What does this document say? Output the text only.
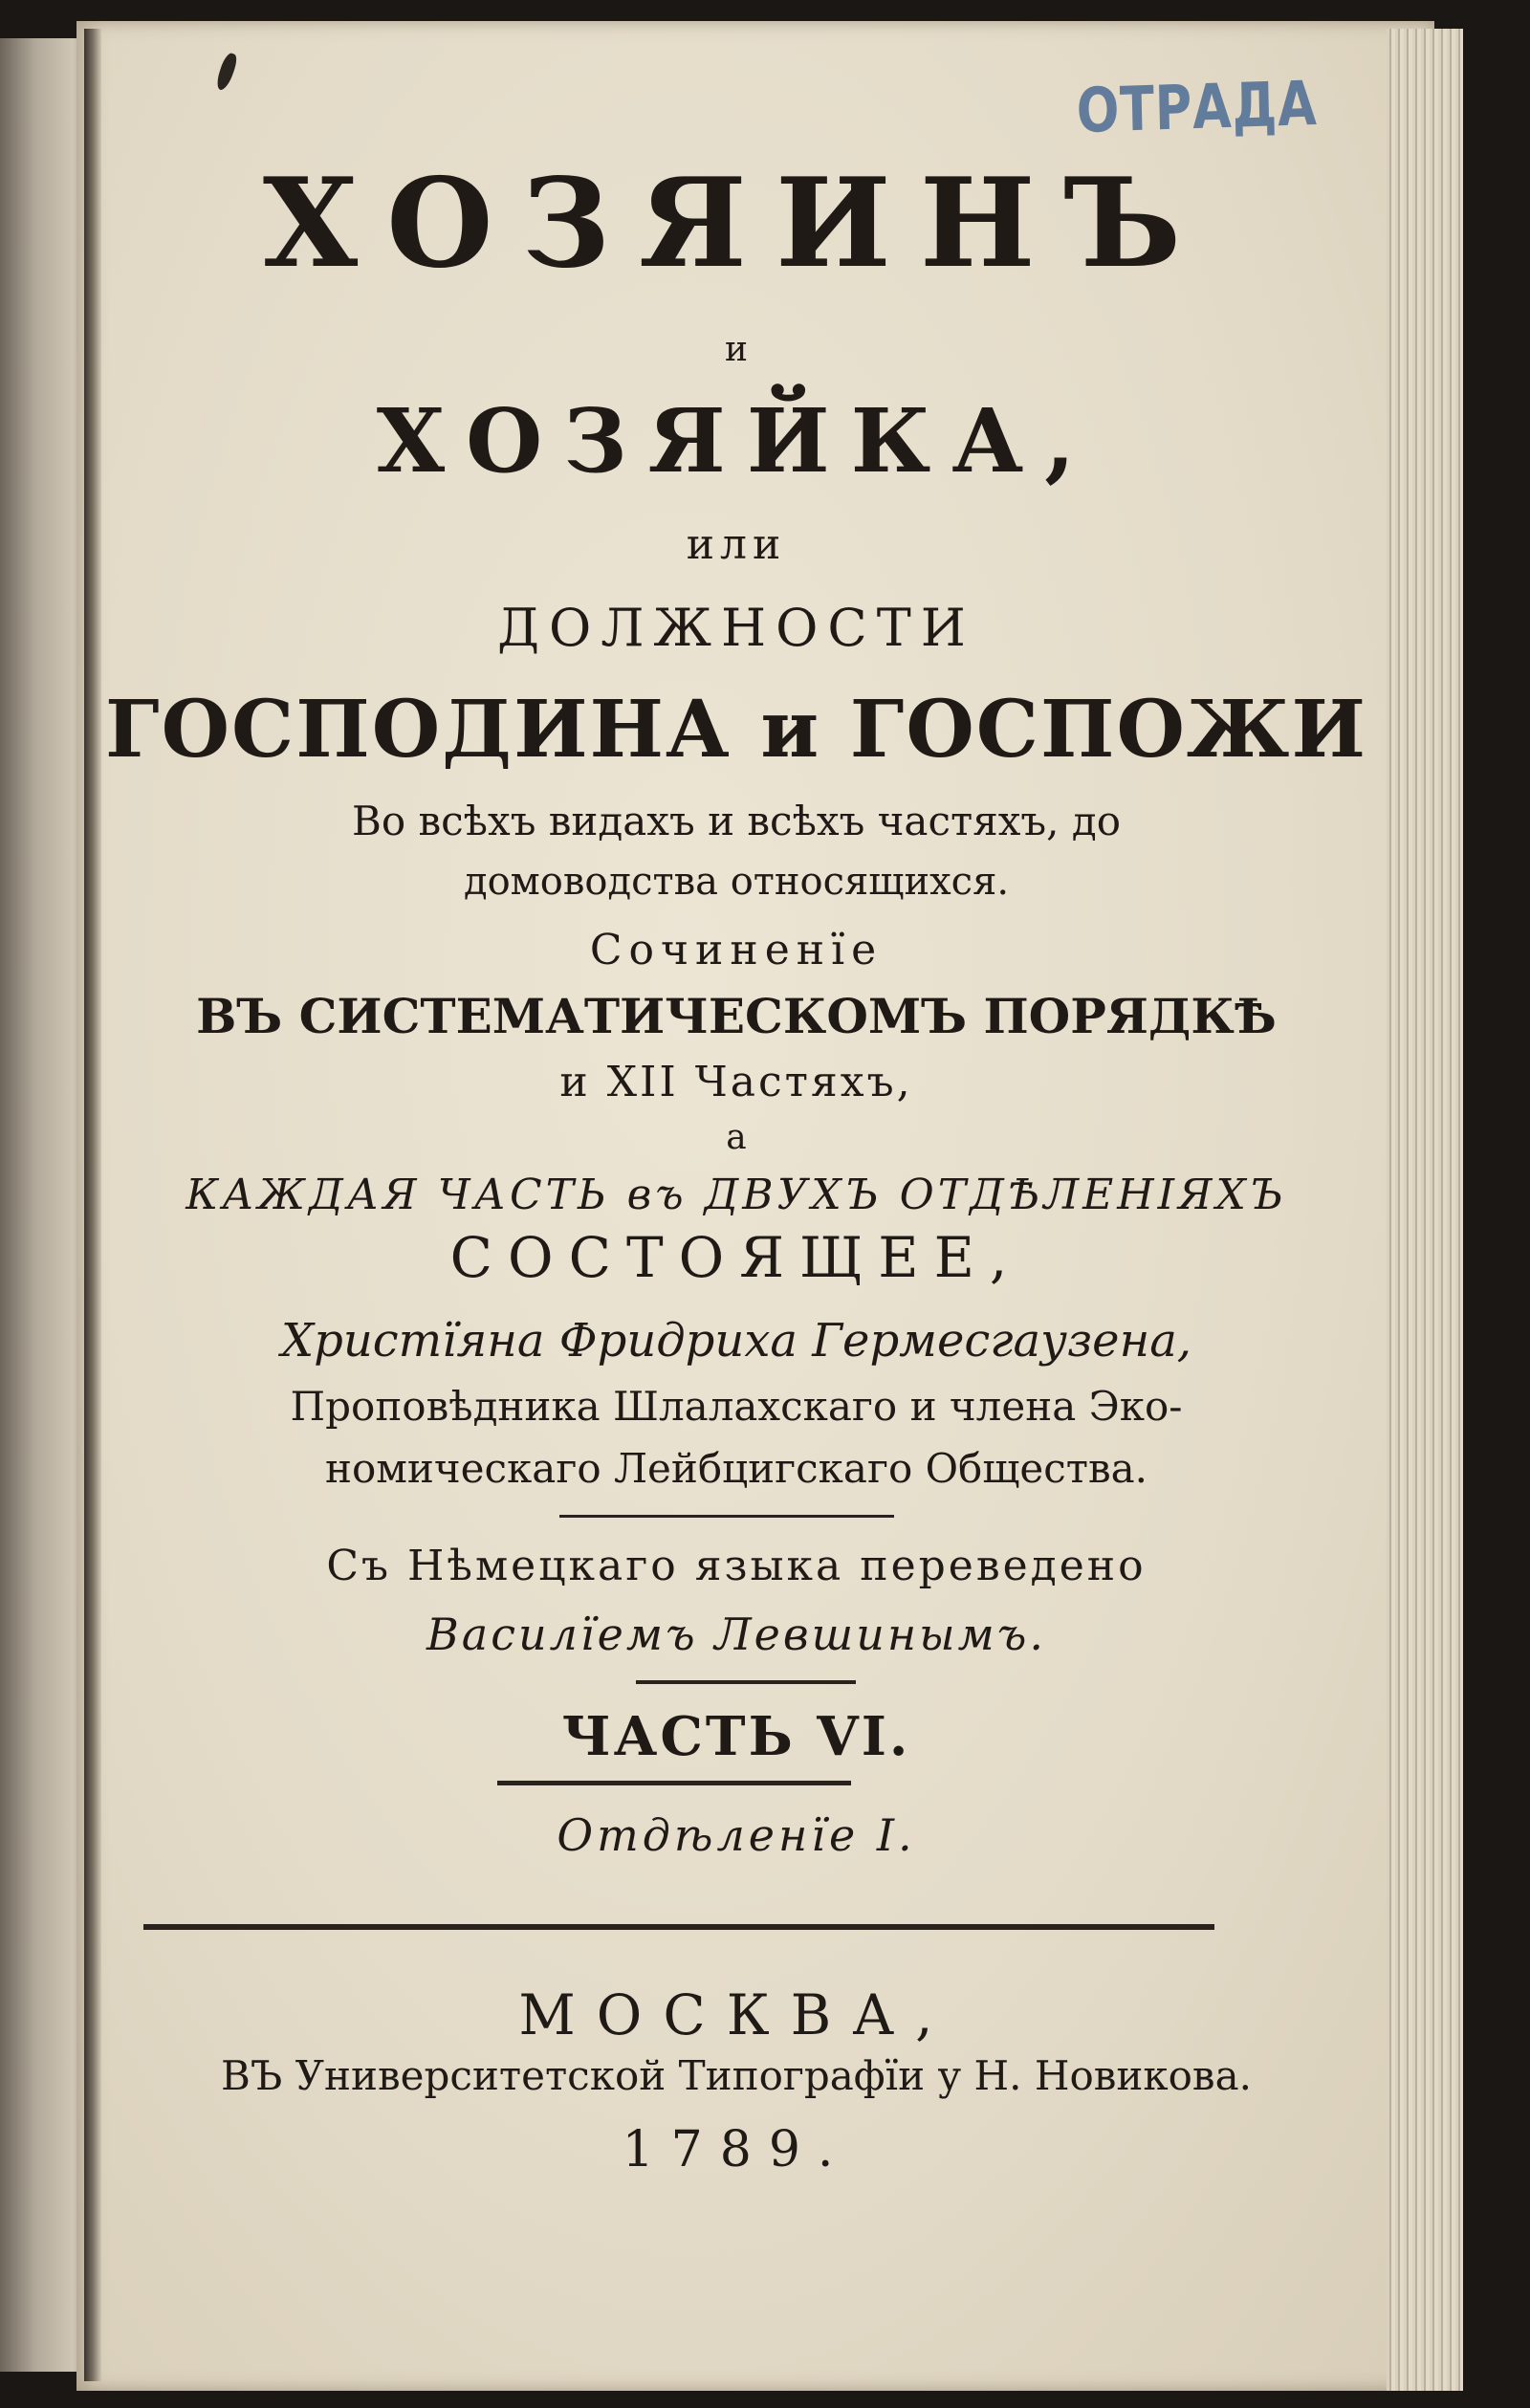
ОТРАДА
ХОЗЯИНЪ
и
ХОЗЯЙКА,
или
ДОЛЖНОСТИ
ГОСПОДИНА и ГОСПОЖИ
Во всѣхъ видахъ и всѣхъ частяхъ, до
домоводства относящихся.
Сочиненїе
ВЪ СИСТЕМАТИЧЕСКОМЪ ПОРЯДКѢ
и XII Частяхъ,
а
КАЖДАЯ ЧАСТЬ въ ДВУХЪ ОТДѢЛЕНIЯХЪ
СОСТОЯЩЕЕ,
Христїяна Фридриха Гермесгаузена,
Проповѣдника Шлалахскаго и члена Эко-
номическаго Лейбцигскаго Общества.
Съ Нѣмецкаго языка переведено
Василїемъ Левшинымъ.
ЧАСТЬ VI.
Отдѣленїе I.
МОСКВА,
ВЪ Университетской Типографїи у Н. Новикова.
1789.
